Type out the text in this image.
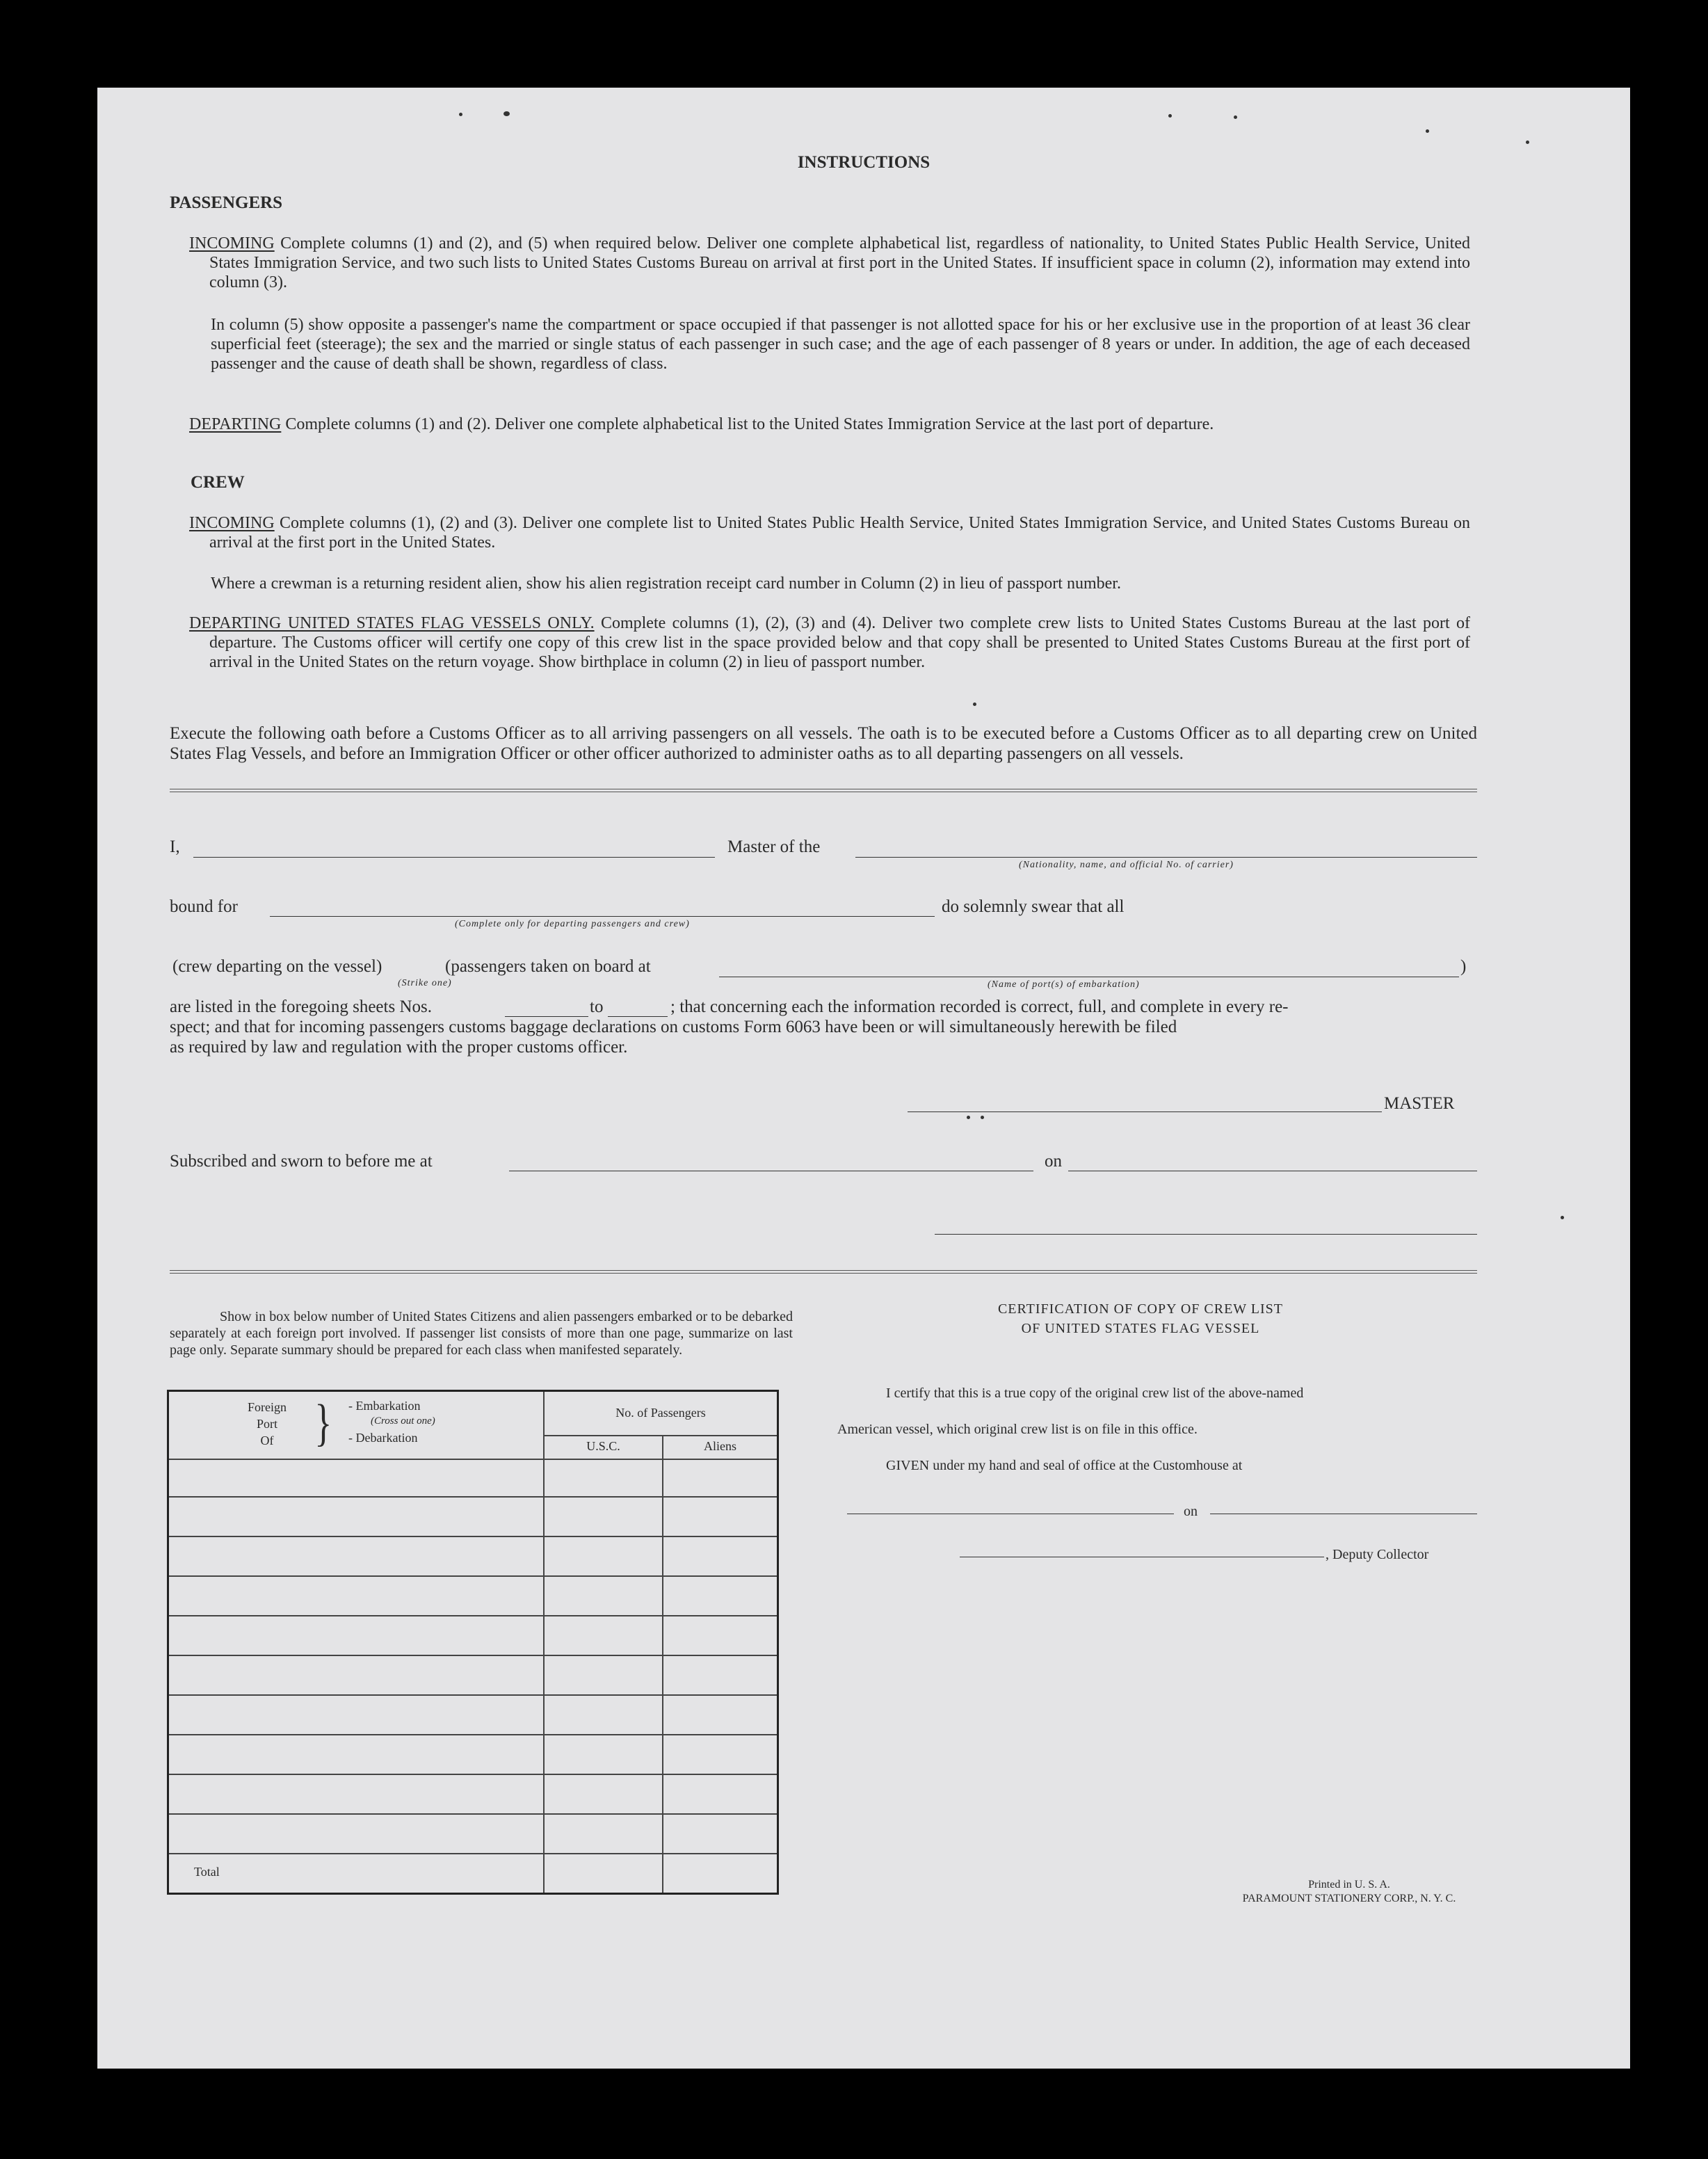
INSTRUCTIONS
PASSENGERS
INCOMING Complete columns (1) and (2), and (5) when required below. Deliver one complete alphabetical list, regardless of nationality, to United States Public Health Service, United States Immigration Service, and two such lists to United States Customs Bureau on arrival at first port in the United States. If insufficient space in column (2), information may extend into column (3).
In column (5) show opposite a passenger's name the compartment or space occupied if that passenger is not allotted space for his or her exclusive use in the proportion of at least 36 clear superficial feet (steerage); the sex and the married or single status of each passenger in such case; and the age of each passenger of 8 years or under. In addition, the age of each deceased passenger and the cause of death shall be shown, regardless of class.
DEPARTING Complete columns (1) and (2). Deliver one complete alphabetical list to the United States Immigration Service at the last port of departure.
CREW
INCOMING Complete columns (1), (2) and (3). Deliver one complete list to United States Public Health Service, United States Immigration Service, and United States Customs Bureau on arrival at the first port in the United States.
Where a crewman is a returning resident alien, show his alien registration receipt card number in Column (2) in lieu of passport number.
DEPARTING UNITED STATES FLAG VESSELS ONLY. Complete columns (1), (2), (3) and (4). Deliver two complete crew lists to United States Customs Bureau at the last port of departure. The Customs officer will certify one copy of this crew list in the space provided below and that copy shall be presented to United States Customs Bureau at the first port of arrival in the United States on the return voyage. Show birthplace in column (2) in lieu of passport number.
Execute the following oath before a Customs Officer as to all arriving passengers on all vessels. The oath is to be executed before a Customs Officer as to all departing crew on United States Flag Vessels, and before an Immigration Officer or other officer authorized to administer oaths as to all departing passengers on all vessels.
I,	Master of the
(Nationality, name, and official No. of carrier)
bound for
(Complete only for departing passengers and crew)
do solemnly swear that all
(crew departing on the vessel)
(Strike one)
(passengers taken on board at
(Name of port(s) of embarkation)
)
are listed in the foregoing sheets Nos.	to	; that concerning each the information recorded is correct, full, and complete in every re-
spect; and that for incoming passengers customs baggage declarations on customs Form 6063 have been or will simultaneously herewith be filed
as required by law and regulation with the proper customs officer.
MASTER
Subscribed and sworn to before me at	on
Show in box below number of United States Citizens and alien passengers embarked or to be debarked separately at each foreign port involved. If passenger list consists of more than one page, summarize on last page only. Separate summary should be prepared for each class when manifested separately.
Foreign
Port
Of } - Embarkation
(Cross out one)
- Debarkation
No. of Passengers
U.S.C.	Aliens
Total
CERTIFICATION OF COPY OF CREW LIST
OF UNITED STATES FLAG VESSEL
I certify that this is a true copy of the original crew list of the above-named
American vessel, which original crew list is on file in this office.
GIVEN under my hand and seal of office at the Customhouse at
on
, Deputy Collector
Printed in U. S. A.
PARAMOUNT STATIONERY CORP., N. Y. C.
